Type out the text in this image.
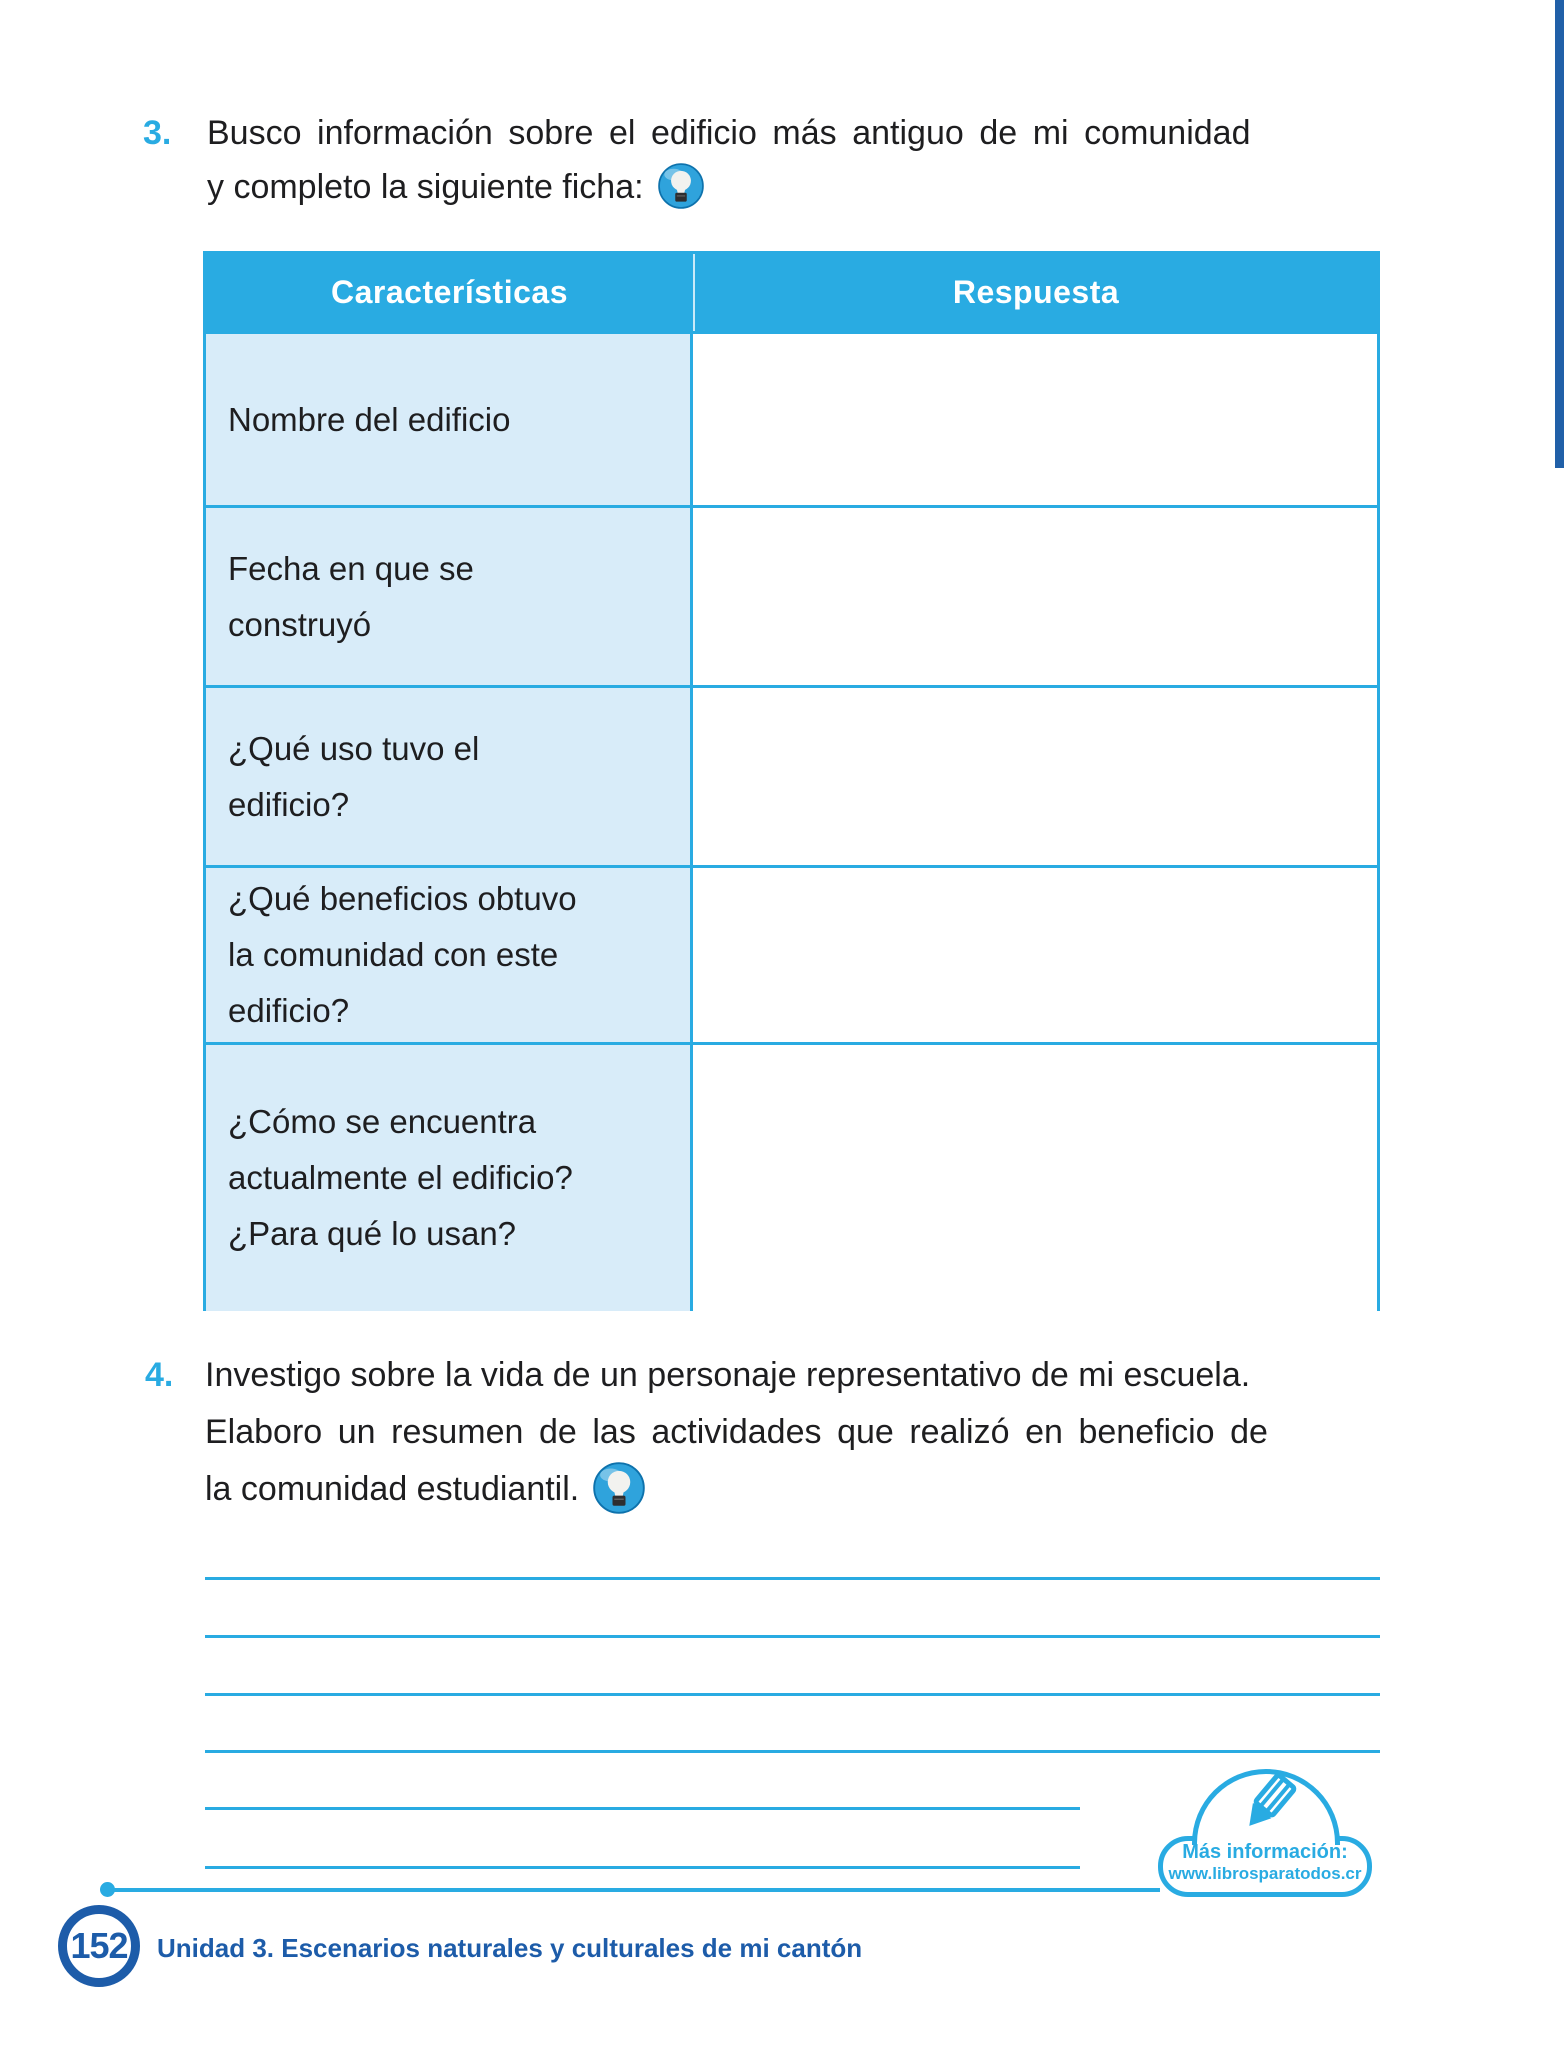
3. Busco información sobre el edificio más antiguo de mi comunidad
y completo la siguiente ficha:
Características	Respuesta
Nombre del edificio
Fecha en que se
construyó
¿Qué uso tuvo el
edificio?
¿Qué beneficios obtuvo
la comunidad con este
edificio?
¿Cómo se encuentra
actualmente el edificio?
¿Para qué lo usan?
4. Investigo sobre la vida de un personaje representativo de mi escuela.
Elaboro un resumen de las actividades que realizó en beneficio de
la comunidad estudiantil.
Más información:
www.librosparatodos.cr
152 Unidad 3. Escenarios naturales y culturales de mi cantón
